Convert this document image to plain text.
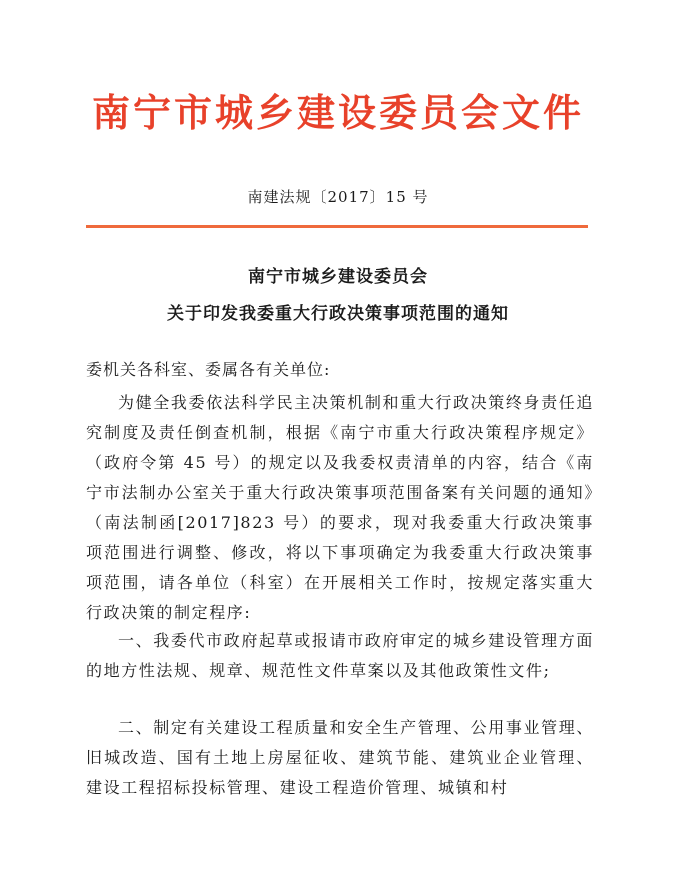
南宁市城乡建设委员会文件
南建法规〔2017〕15 号
南宁市城乡建设委员会
关于印发我委重大行政决策事项范围的通知
委机关各科室、委属各有关单位:

为健全我委依法科学民主决策机制和重大行政决策终身责任追究制度及责任倒查机制，根据《南宁市重大行政决策程序规定》（政府令第 45 号）的规定以及我委权责清单的内容，结合《南宁市法制办公室关于重大行政决策事项范围备案有关问题的通知》（南法制函[2017]823 号）的要求，现对我委重大行政决策事项范围进行调整、修改，将以下事项确定为我委重大行政决策事项范围，请各单位（科室）在开展相关工作时，按规定落实重大行政决策的制定程序:

一、我委代市政府起草或报请市政府审定的城乡建设管理方面的地方性法规、规章、规范性文件草案以及其他政策性文件;

二、制定有关建设工程质量和安全生产管理、公用事业管理、旧城改造、国有土地上房屋征收、建筑节能、建筑业企业管理、建设工程招标投标管理、建设工程造价管理、城镇和村
